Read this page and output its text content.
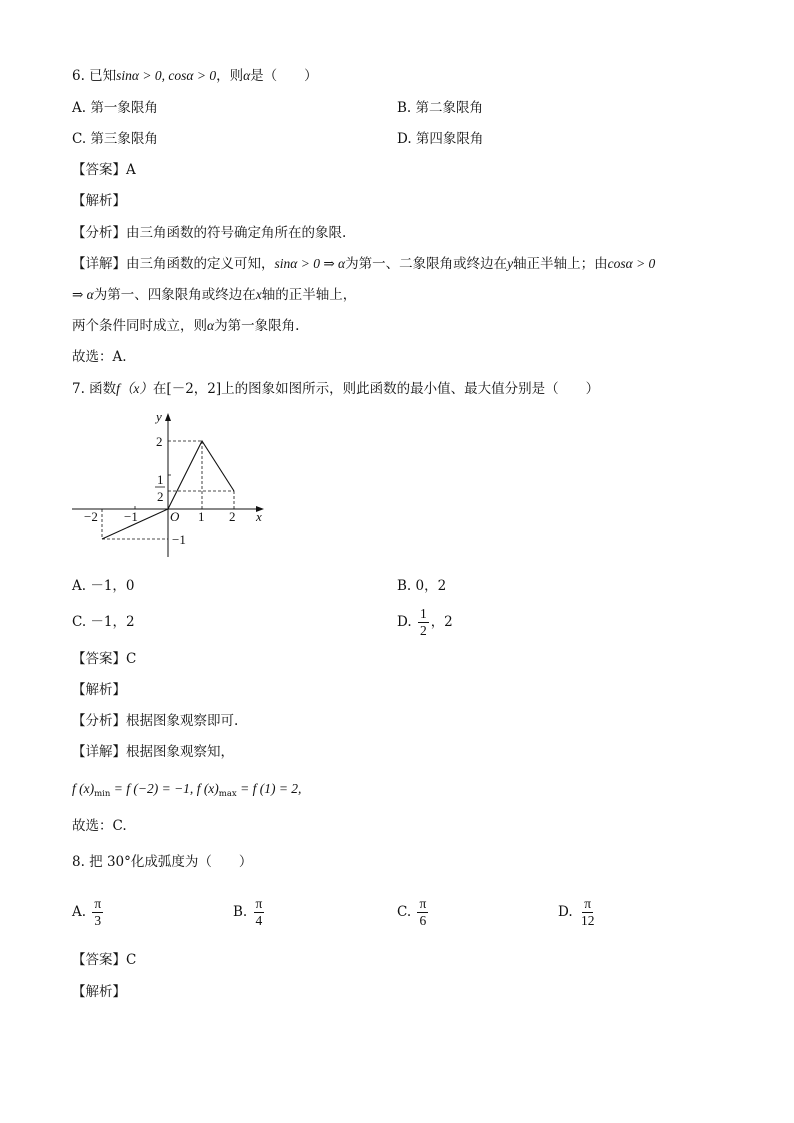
6. 已知sinα > 0, cosα > 0，则α是（　　）
A. 第一象限角	B. 第二象限角
C. 第三象限角	D. 第四象限角
【答案】A
【解析】
【分析】由三角函数的符号确定角所在的象限.
【详解】由三角函数的定义可知，sinα > 0 ⇒ α为第一、二象限角或终边在y轴正半轴上；由cosα > 0
⇒ α为第一、四象限角或终边在x轴的正半轴上，
两个条件同时成立，则α为第一象限角.
故选：A.
7. 函数f（x）在[－2，2]上的图象如图所示，则此函数的最小值、最大值分别是（　　）
y
x
O
2
1
2
−1
−2 −1	1 2
A. －1，0	B. 0，2
C. －1，2	D. $\frac{1}{2}$ ，2
【答案】C
【解析】
【分析】根据图象观察即可.
【详解】根据图象观察知，
f $(x)_{min} = f$ (−2) = −1, f $(x)_{max} = f$ (1) = 2,
故选：C.
8. 把 30°化成弧度为（　　）
A. $\frac{\pi}{3}$	B. $\frac{\pi}{4}$	C. $\frac{\pi}{6}$	D. $\frac{\pi}{12}$
【答案】C
【解析】
